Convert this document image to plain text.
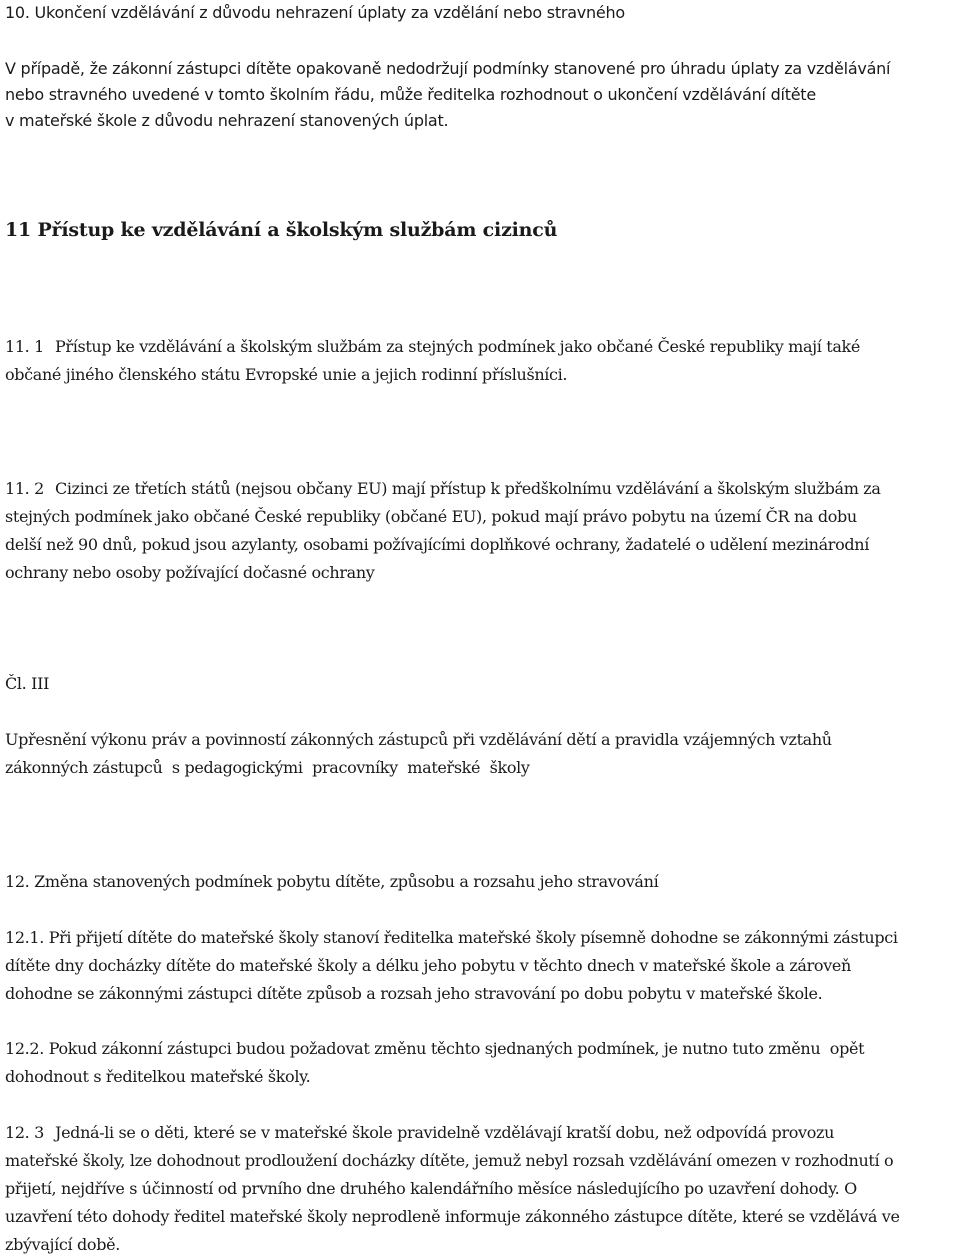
10. Ukončení vzdělávání z důvodu nehrazení úplaty za vzdělání nebo stravného

V případě, že zákonní zástupci dítěte opakovaně nedodržují podmínky stanovené pro úhradu úplaty za vzdělávání
nebo stravného uvedené v tomto školním řádu, může ředitelka rozhodnout o ukončení vzdělávání dítěte
v mateřské škole z důvodu nehrazení stanovených úplat.

11 Přístup ke vzdělávání a školským službám cizinců

11. 1 Přístup ke vzdělávání a školským službám za stejných podmínek jako občané České republiky mají také
občané jiného členského státu Evropské unie a jejich rodinní příslušníci.

11. 2 Cizinci ze třetích států (nejsou občany EU) mají přístup k předškolnímu vzdělávání a školským službám za
stejných podmínek jako občané České republiky (občané EU), pokud mají právo pobytu na území ČR na dobu
delší než 90 dnů, pokud jsou azylanty, osobami požívajícími doplňkové ochrany, žadatelé o udělení mezinárodní
ochrany nebo osoby požívající dočasné ochrany

Čl. III

Upřesnění výkonu práv a povinností zákonných zástupců při vzdělávání dětí a pravidla vzájemných vztahů
zákonných zástupců  s pedagogickými  pracovníky  mateřské  školy

12. Změna stanovených podmínek pobytu dítěte, způsobu a rozsahu jeho stravování

12.1. Při přijetí dítěte do mateřské školy stanoví ředitelka mateřské školy písemně dohodne se zákonnými zástupci
dítěte dny docházky dítěte do mateřské školy a délku jeho pobytu v těchto dnech v mateřské škole a zároveň
dohodne se zákonnými zástupci dítěte způsob a rozsah jeho stravování po dobu pobytu v mateřské škole.

12.2. Pokud zákonní zástupci budou požadovat změnu těchto sjednaných podmínek, je nutno tuto změnu  opět
dohodnout s ředitelkou mateřské školy.

12. 3 Jedná-li se o děti, které se v mateřské škole pravidelně vzdělávají kratší dobu, než odpovídá provozu
mateřské školy, lze dohodnout prodloužení docházky dítěte, jemuž nebyl rozsah vzdělávání omezen v rozhodnutí o
přijetí, nejdříve s účinností od prvního dne druhého kalendářního měsíce následujícího po uzavření dohody. O
uzavření této dohody ředitel mateřské školy neprodleně informuje zákonného zástupce dítěte, které se vzdělává ve
zbývající době.
